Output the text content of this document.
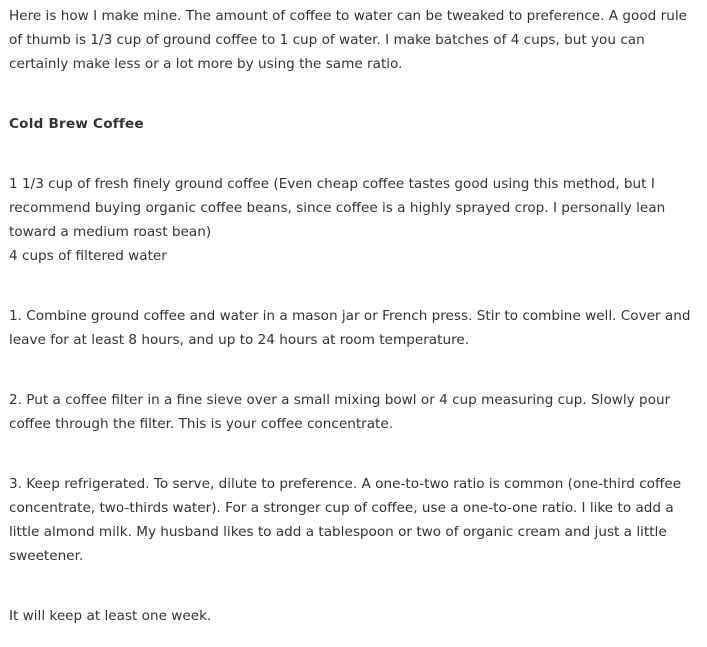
Here is how I make mine. The amount of coffee to water can be tweaked to preference. A good rule of thumb is 1/3 cup of ground coffee to 1 cup of water. I make batches of 4 cups, but you can certainly make less or a lot more by using the same ratio.

Cold Brew Coffee

1 1/3 cup of fresh finely ground coffee (Even cheap coffee tastes good using this method, but I recommend buying organic coffee beans, since coffee is a highly sprayed crop. I personally lean toward a medium roast bean)

4 cups of filtered water

1. Combine ground coffee and water in a mason jar or French press. Stir to combine well. Cover and leave for at least 8 hours, and up to 24 hours at room temperature.

2. Put a coffee filter in a fine sieve over a small mixing bowl or 4 cup measuring cup. Slowly pour coffee through the filter. This is your coffee concentrate.

3. Keep refrigerated. To serve, dilute to preference. A one-to-two ratio is common (one-third coffee concentrate, two-thirds water). For a stronger cup of coffee, use a one-to-one ratio. I like to add a little almond milk. My husband likes to add a tablespoon or two of organic cream and just a little sweetener.

It will keep at least one week.
